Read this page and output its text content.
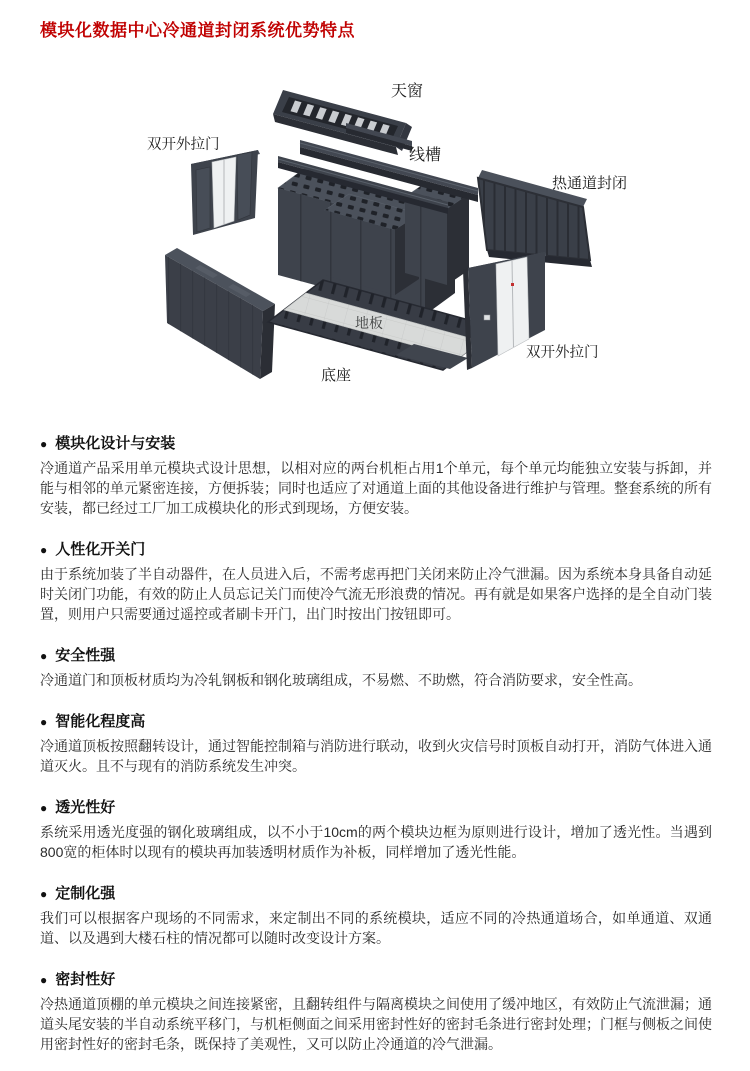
模块化数据中心冷通道封闭系统优势特点
天窗
双开外拉门
线槽
热通道封闭
地板
底座
双开外拉门
● 模块化设计与安装

冷通道产品采用单元模块式设计思想，以相对应的两台机柜占用1个单元，每个单元均能独立安装与拆卸，并能与相邻的单元紧密连接，方便拆装；同时也适应了对通道上面的其他设备进行维护与管理。整套系统的所有安装，都已经过工厂加工成模块化的形式到现场，方便安装。

● 人性化开关门

由于系统加装了半自动器件，在人员进入后，不需考虑再把门关闭来防止冷气泄漏。因为系统本身具备自动延时关闭门功能，有效的防止人员忘记关门而使冷气流无形浪费的情况。再有就是如果客户选择的是全自动门装置，则用户只需要通过遥控或者刷卡开门，出门时按出门按钮即可。

● 安全性强

冷通道门和顶板材质均为冷轧钢板和钢化玻璃组成，不易燃、不助燃，符合消防要求，安全性高。

● 智能化程度高

冷通道顶板按照翻转设计，通过智能控制箱与消防进行联动，收到火灾信号时顶板自动打开，消防气体进入通道灭火。且不与现有的消防系统发生冲突。

● 透光性好

系统采用透光度强的钢化玻璃组成，以不小于10cm的两个模块边框为原则进行设计，增加了透光性。当遇到800宽的柜体时以现有的模块再加装透明材质作为补板，同样增加了透光性能。

● 定制化强

我们可以根据客户现场的不同需求，来定制出不同的系统模块，适应不同的冷热通道场合，如单通道、双通道、以及遇到大楼石柱的情况都可以随时改变设计方案。

● 密封性好

冷热通道顶棚的单元模块之间连接紧密，且翻转组件与隔离模块之间使用了缓冲地区，有效防止气流泄漏；通道头尾安装的半自动系统平移门，与机柜侧面之间采用密封性好的密封毛条进行密封处理；门框与侧板之间使用密封性好的密封毛条，既保持了美观性，又可以防止冷通道的冷气泄漏。
